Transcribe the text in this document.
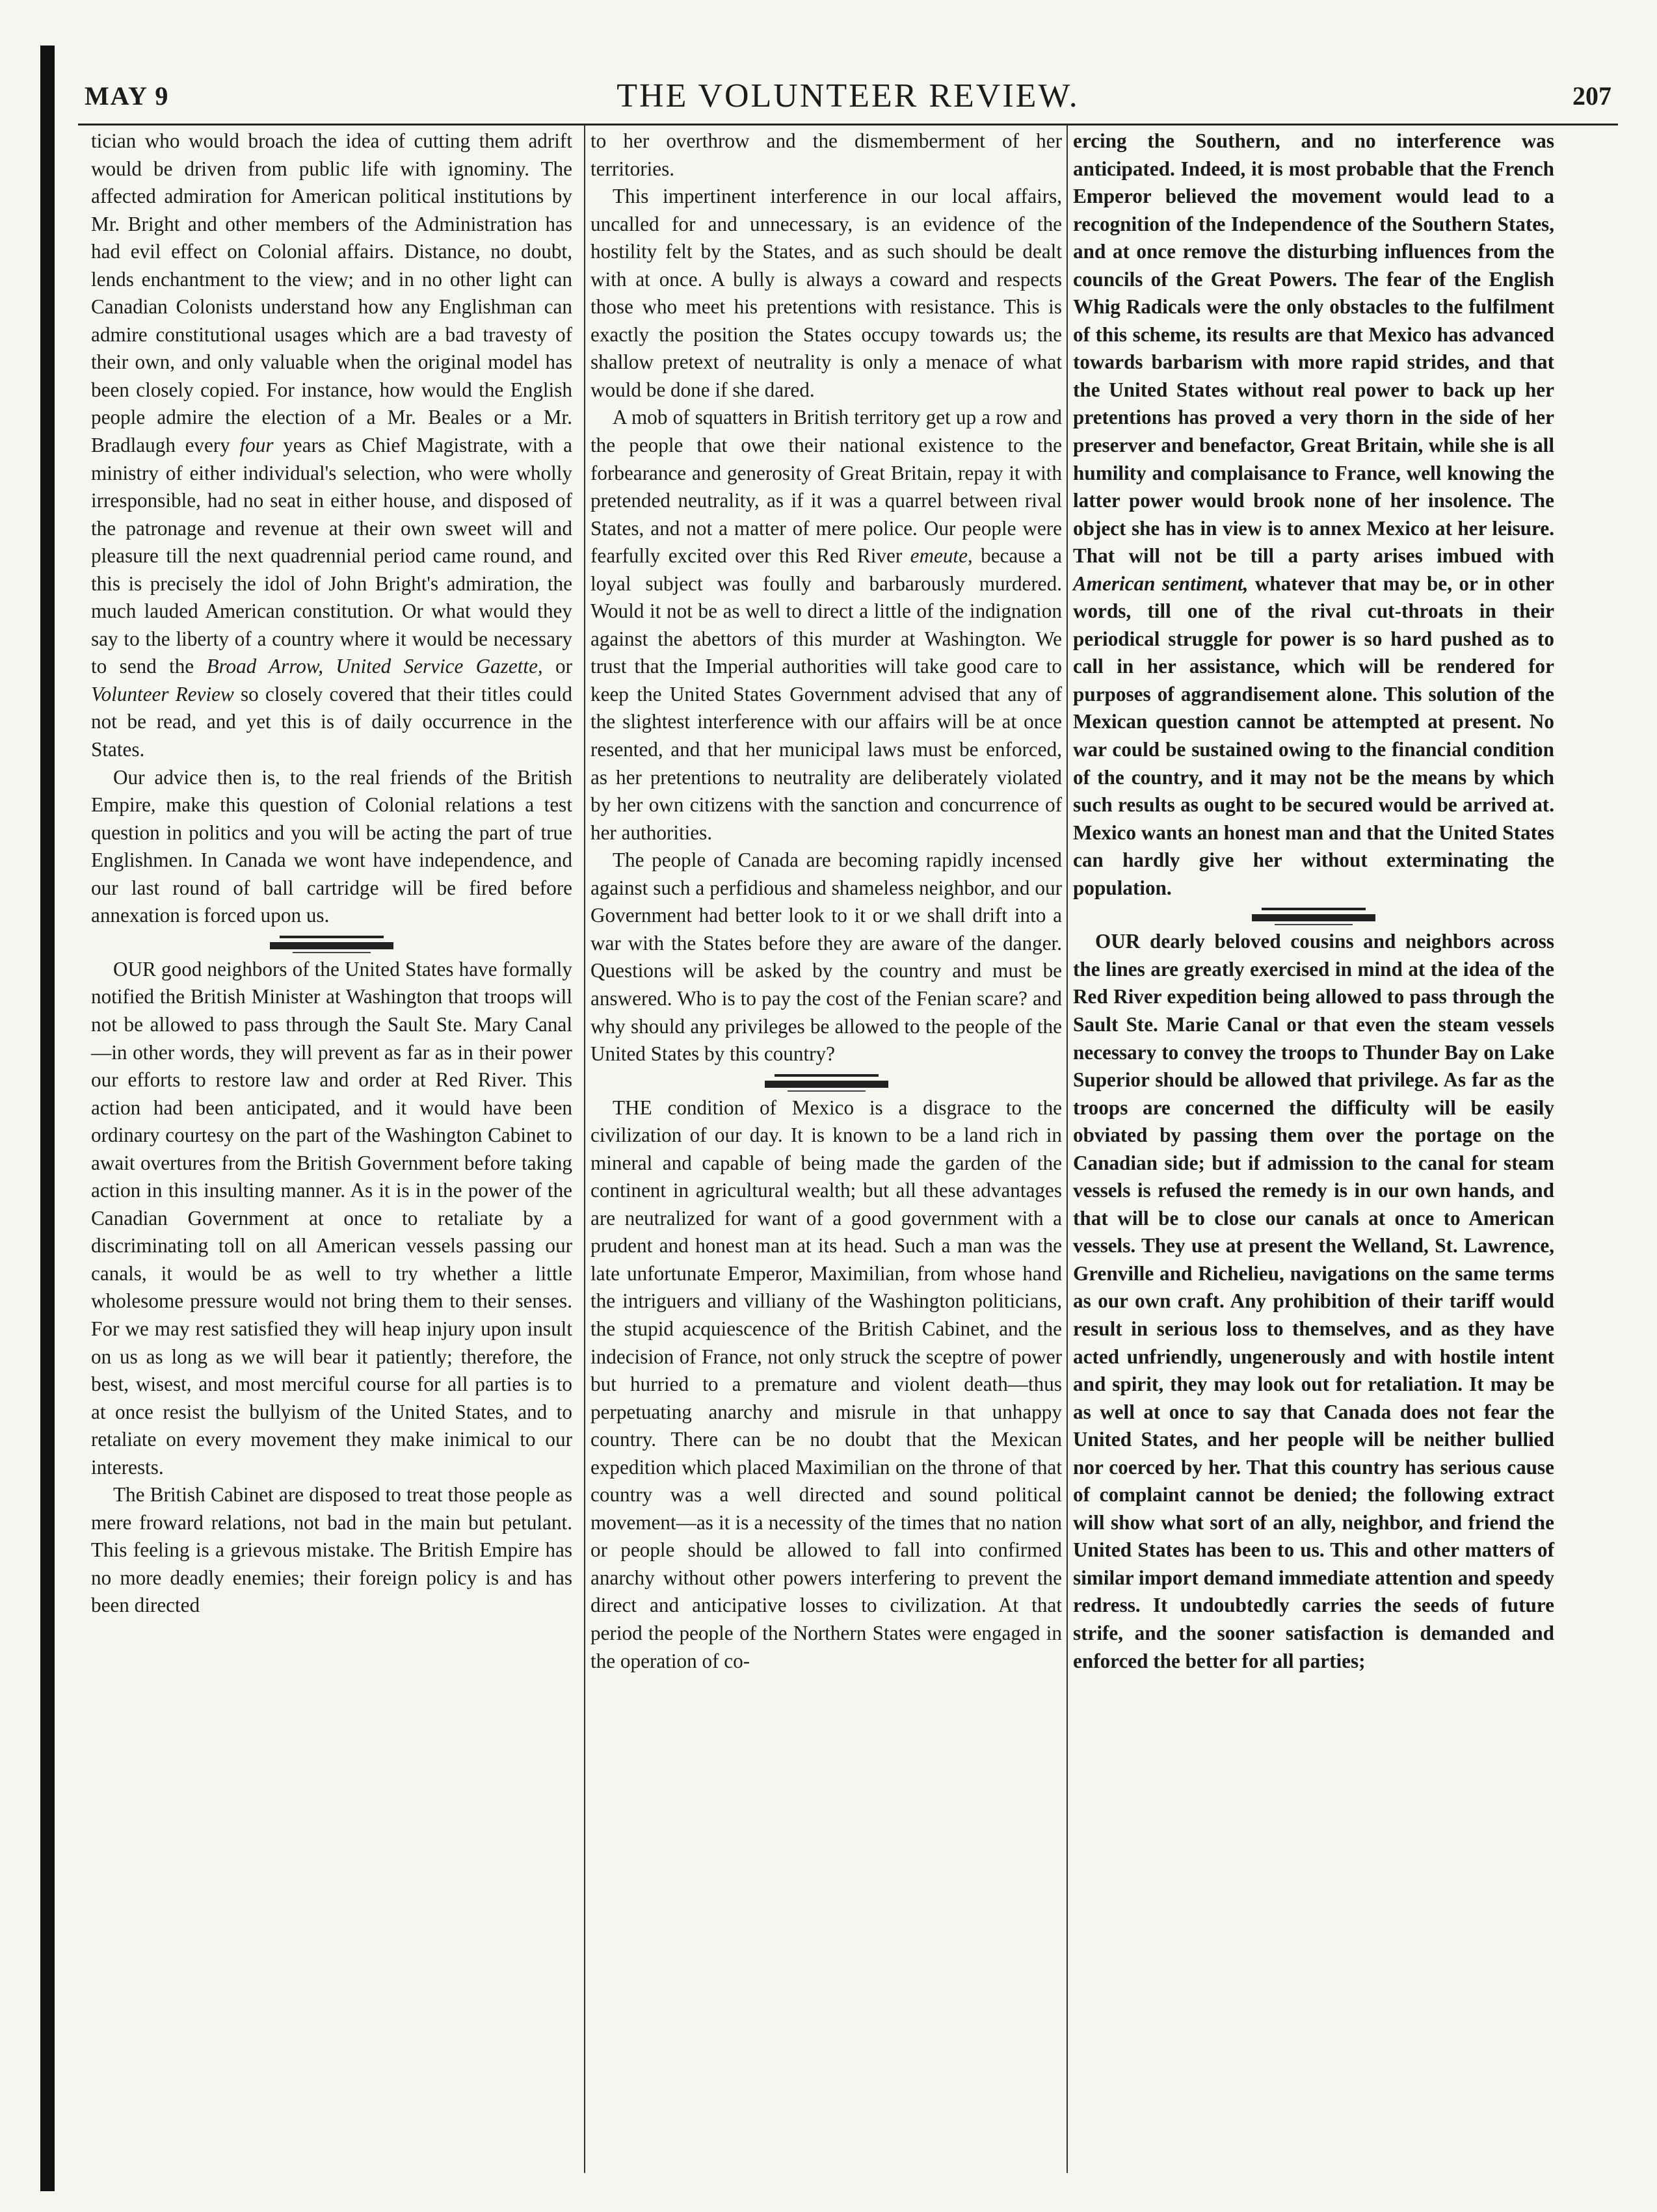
MAY 9	THE VOLUNTEER REVIEW.	207

tician who would broach the idea of cutting them adrift would be driven from public life with ignominy. The affected admiration for American political institutions by Mr. Bright and other members of the Administration has had evil effect on Colonial affairs. Distance, no doubt, lends enchantment to the view; and in no other light can Canadian Colonists understand how any Englishman can admire constitutional usages which are a bad travesty of their own, and only valuable when the original model has been closely copied. For instance, how would the English people admire the election of a Mr. Beales or a Mr. Bradlaugh every four years as Chief Magistrate, with a ministry of either individual's selection, who were wholly irresponsible, had no seat in either house, and disposed of the patronage and revenue at their own sweet will and pleasure till the next quadrennial period came round, and this is precisely the idol of John Bright's admiration, the much lauded American constitution. Or what would they say to the liberty of a country where it would be necessary to send the Broad Arrow, United Service Gazette, or Volunteer Review so closely covered that their titles could not be read, and yet this is of daily occurrence in the States.

Our advice then is, to the real friends of the British Empire, make this question of Colonial relations a test question in politics and you will be acting the part of true Englishmen. In Canada we wont have independence, and our last round of ball cartridge will be fired before annexation is forced upon us.

OUR good neighbors of the United States have formally notified the British Minister at Washington that troops will not be allowed to pass through the Sault Ste. Mary Canal—in other words, they will prevent as far as in their power our efforts to restore law and order at Red River. This action had been anticipated, and it would have been ordinary courtesy on the part of the Washington Cabinet to await overtures from the British Government before taking action in this insulting manner. As it is in the power of the Canadian Government at once to retaliate by a discriminating toll on all American vessels passing our canals, it would be as well to try whether a little wholesome pressure would not bring them to their senses. For we may rest satisfied they will heap injury upon insult on us as long as we will bear it patiently; therefore, the best, wisest, and most merciful course for all parties is to at once resist the bullyism of the United States, and to retaliate on every movement they make inimical to our interests.

The British Cabinet are disposed to treat those people as mere froward relations, not bad in the main but petulant. This feeling is a grievous mistake. The British Empire has no more deadly enemies; their foreign policy is and has been directed

to her overthrow and the dismemberment of her territories.

This impertinent interference in our local affairs, uncalled for and unnecessary, is an evidence of the hostility felt by the States, and as such should be dealt with at once. A bully is always a coward and respects those who meet his pretentions with resistance. This is exactly the position the States occupy towards us; the shallow pretext of neutrality is only a menace of what would be done if she dared.

A mob of squatters in British territory get up a row and the people that owe their national existence to the forbearance and generosity of Great Britain, repay it with pretended neutrality, as if it was a quarrel between rival States, and not a matter of mere police. Our people were fearfully excited over this Red River emeute, because a loyal subject was foully and barbarously murdered. Would it not be as well to direct a little of the indignation against the abettors of this murder at Washington. We trust that the Imperial authorities will take good care to keep the United States Government advised that any of the slightest interference with our affairs will be at once resented, and that her municipal laws must be enforced, as her pretentions to neutrality are deliberately violated by her own citizens with the sanction and concurrence of her authorities.

The people of Canada are becoming rapidly incensed against such a perfidious and shameless neighbor, and our Government had better look to it or we shall drift into a war with the States before they are aware of the danger. Questions will be asked by the country and must be answered. Who is to pay the cost of the Fenian scare? and why should any privileges be allowed to the people of the United States by this country?

THE condition of Mexico is a disgrace to the civilization of our day. It is known to be a land rich in mineral and capable of being made the garden of the continent in agricultural wealth; but all these advantages are neutralized for want of a good government with a prudent and honest man at its head. Such a man was the late unfortunate Emperor, Maximilian, from whose hand the intriguers and villiany of the Washington politicians, the stupid acquiescence of the British Cabinet, and the indecision of France, not only struck the sceptre of power but hurried to a premature and violent death—thus perpetuating anarchy and misrule in that unhappy country. There can be no doubt that the Mexican expedition which placed Maximilian on the throne of that country was a well directed and sound political movement—as it is a necessity of the times that no nation or people should be allowed to fall into confirmed anarchy without other powers interfering to prevent the direct and anticipative losses to civilization. At that period the people of the Northern States were engaged in the operation of co-

ercing the Southern, and no interference was anticipated. Indeed, it is most probable that the French Emperor believed the movement would lead to a recognition of the Independence of the Southern States, and at once remove the disturbing influences from the councils of the Great Powers. The fear of the English Whig Radicals were the only obstacles to the fulfilment of this scheme, its results are that Mexico has advanced towards barbarism with more rapid strides, and that the United States without real power to back up her pretentions has proved a very thorn in the side of her preserver and benefactor, Great Britain, while she is all humility and complaisance to France, well knowing the latter power would brook none of her insolence. The object she has in view is to annex Mexico at her leisure. That will not be till a party arises imbued with American sentiment, whatever that may be, or in other words, till one of the rival cut-throats in their periodical struggle for power is so hard pushed as to call in her assistance, which will be rendered for purposes of aggrandisement alone. This solution of the Mexican question cannot be attempted at present. No war could be sustained owing to the financial condition of the country, and it may not be the means by which such results as ought to be secured would be arrived at. Mexico wants an honest man and that the United States can hardly give her without exterminating the population.

OUR dearly beloved cousins and neighbors across the lines are greatly exercised in mind at the idea of the Red River expedition being allowed to pass through the Sault Ste. Marie Canal or that even the steam vessels necessary to convey the troops to Thunder Bay on Lake Superior should be allowed that privilege. As far as the troops are concerned the difficulty will be easily obviated by passing them over the portage on the Canadian side; but if admission to the canal for steam vessels is refused the remedy is in our own hands, and that will be to close our canals at once to American vessels. They use at present the Welland, St. Lawrence, Grenville and Richelieu, navigations on the same terms as our own craft. Any prohibition of their tariff would result in serious loss to themselves, and as they have acted unfriendly, ungenerously and with hostile intent and spirit, they may look out for retaliation. It may be as well at once to say that Canada does not fear the United States, and her people will be neither bullied nor coerced by her. That this country has serious cause of complaint cannot be denied; the following extract will show what sort of an ally, neighbor, and friend the United States has been to us. This and other matters of similar import demand immediate attention and speedy redress. It undoubtedly carries the seeds of future strife, and the sooner satisfaction is demanded and enforced the better for all parties;
